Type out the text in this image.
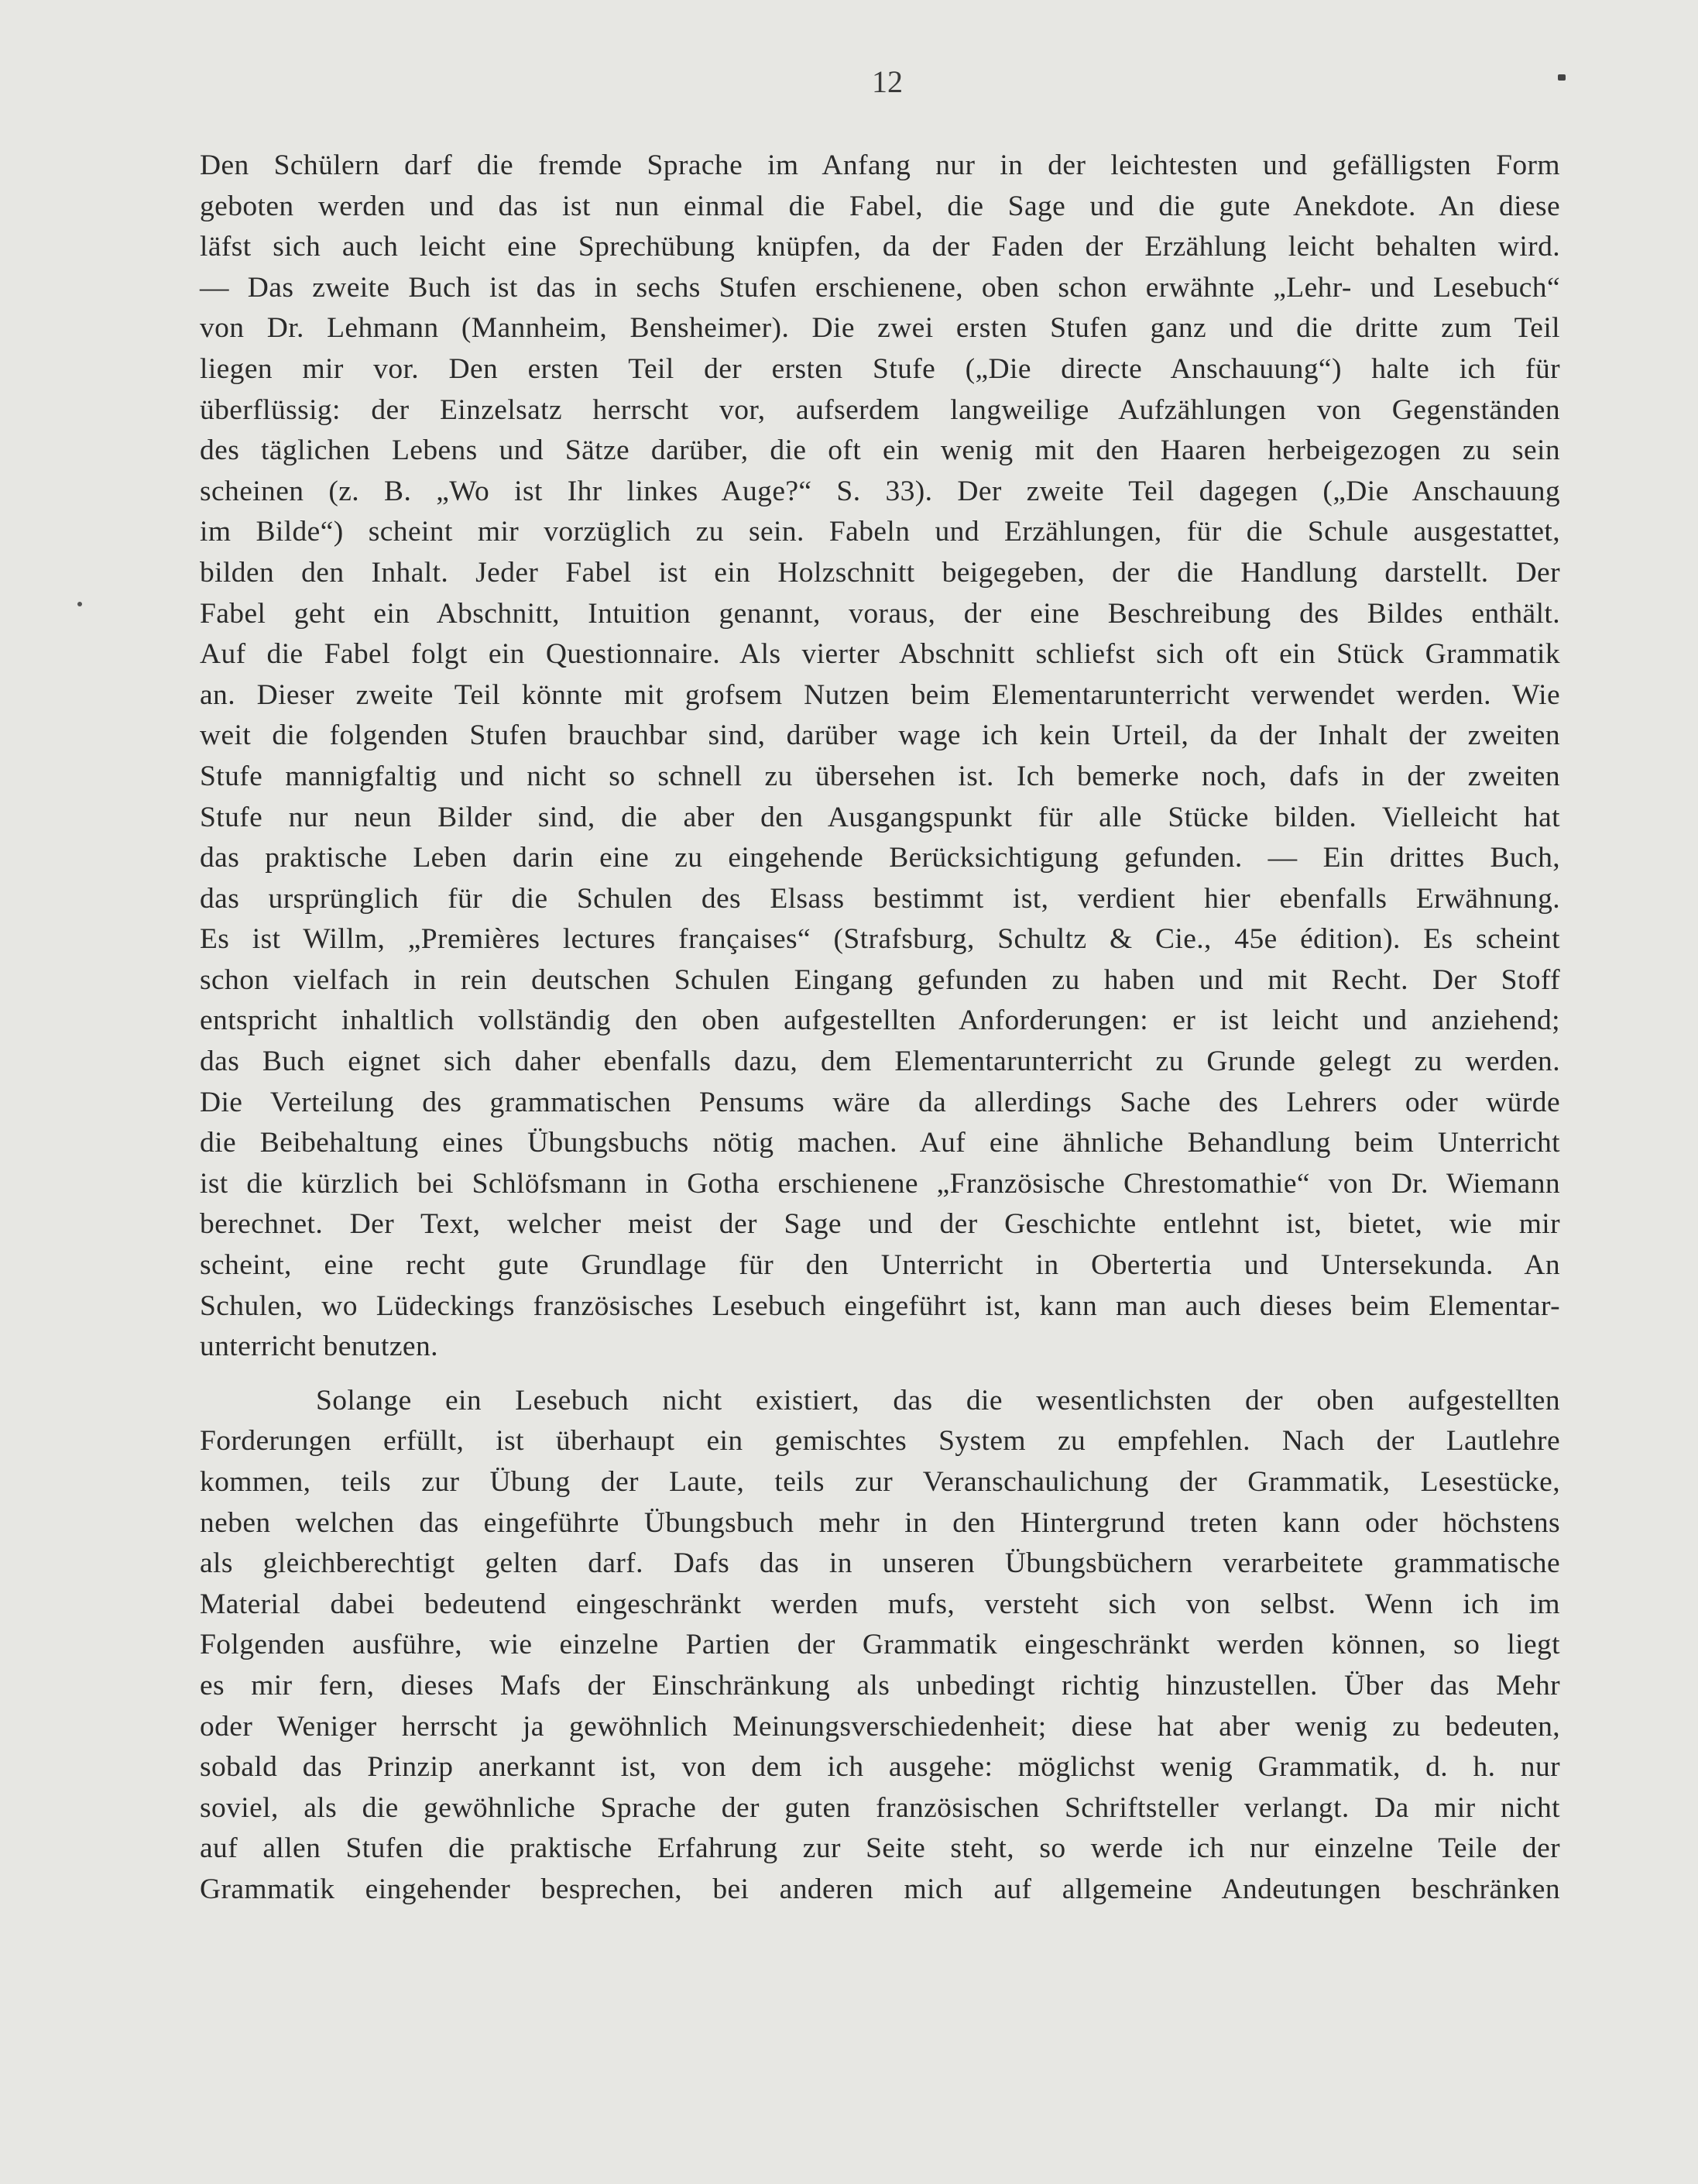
12

Den Schülern darf die fremde Sprache im Anfang nur in der leichtesten und gefälligsten Form
geboten werden und das ist nun einmal die Fabel, die Sage und die gute Anekdote. An diese
läfst sich auch leicht eine Sprechübung knüpfen, da der Faden der Erzählung leicht behalten wird.
— Das zweite Buch ist das in sechs Stufen erschienene, oben schon erwähnte „Lehr- und Lesebuch“
von Dr. Lehmann (Mannheim, Bensheimer). Die zwei ersten Stufen ganz und die dritte zum Teil
liegen mir vor. Den ersten Teil der ersten Stufe („Die directe Anschauung“) halte ich für
überflüssig: der Einzelsatz herrscht vor, aufserdem langweilige Aufzählungen von Gegenständen
des täglichen Lebens und Sätze darüber, die oft ein wenig mit den Haaren herbeigezogen zu sein
scheinen (z. B. „Wo ist Ihr linkes Auge?“ S. 33). Der zweite Teil dagegen („Die Anschauung
im Bilde“) scheint mir vorzüglich zu sein. Fabeln und Erzählungen, für die Schule ausgestattet,
bilden den Inhalt. Jeder Fabel ist ein Holzschnitt beigegeben, der die Handlung darstellt. Der
Fabel geht ein Abschnitt, Intuition genannt, voraus, der eine Beschreibung des Bildes enthält.
Auf die Fabel folgt ein Questionnaire. Als vierter Abschnitt schliefst sich oft ein Stück Grammatik
an. Dieser zweite Teil könnte mit grofsem Nutzen beim Elementarunterricht verwendet werden. Wie
weit die folgenden Stufen brauchbar sind, darüber wage ich kein Urteil, da der Inhalt der zweiten
Stufe mannigfaltig und nicht so schnell zu übersehen ist. Ich bemerke noch, dafs in der zweiten
Stufe nur neun Bilder sind, die aber den Ausgangspunkt für alle Stücke bilden. Vielleicht hat
das praktische Leben darin eine zu eingehende Berücksichtigung gefunden. — Ein drittes Buch,
das ursprünglich für die Schulen des Elsass bestimmt ist, verdient hier ebenfalls Erwähnung.
Es ist Willm, „Premières lectures françaises“ (Strafsburg, Schultz & Cie., 45e édition). Es scheint
schon vielfach in rein deutschen Schulen Eingang gefunden zu haben und mit Recht. Der Stoff
entspricht inhaltlich vollständig den oben aufgestellten Anforderungen: er ist leicht und anziehend;
das Buch eignet sich daher ebenfalls dazu, dem Elementarunterricht zu Grunde gelegt zu werden.
Die Verteilung des grammatischen Pensums wäre da allerdings Sache des Lehrers oder würde
die Beibehaltung eines Übungsbuchs nötig machen. Auf eine ähnliche Behandlung beim Unterricht
ist die kürzlich bei Schlöfsmann in Gotha erschienene „Französische Chrestomathie“ von Dr. Wiemann
berechnet. Der Text, welcher meist der Sage und der Geschichte entlehnt ist, bietet, wie mir
scheint, eine recht gute Grundlage für den Unterricht in Obertertia und Untersekunda. An
Schulen, wo Lüdeckings französisches Lesebuch eingeführt ist, kann man auch dieses beim Elementar-
unterricht benutzen.

Solange ein Lesebuch nicht existiert, das die wesentlichsten der oben aufgestellten
Forderungen erfüllt, ist überhaupt ein gemischtes System zu empfehlen. Nach der Lautlehre
kommen, teils zur Übung der Laute, teils zur Veranschaulichung der Grammatik, Lesestücke,
neben welchen das eingeführte Übungsbuch mehr in den Hintergrund treten kann oder höchstens
als gleichberechtigt gelten darf. Dafs das in unseren Übungsbüchern verarbeitete grammatische
Material dabei bedeutend eingeschränkt werden mufs, versteht sich von selbst. Wenn ich im
Folgenden ausführe, wie einzelne Partien der Grammatik eingeschränkt werden können, so liegt
es mir fern, dieses Mafs der Einschränkung als unbedingt richtig hinzustellen. Über das Mehr
oder Weniger herrscht ja gewöhnlich Meinungsverschiedenheit; diese hat aber wenig zu bedeuten,
sobald das Prinzip anerkannt ist, von dem ich ausgehe: möglichst wenig Grammatik, d. h. nur
soviel, als die gewöhnliche Sprache der guten französischen Schriftsteller verlangt. Da mir nicht
auf allen Stufen die praktische Erfahrung zur Seite steht, so werde ich nur einzelne Teile der
Grammatik eingehender besprechen, bei anderen mich auf allgemeine Andeutungen beschränken
